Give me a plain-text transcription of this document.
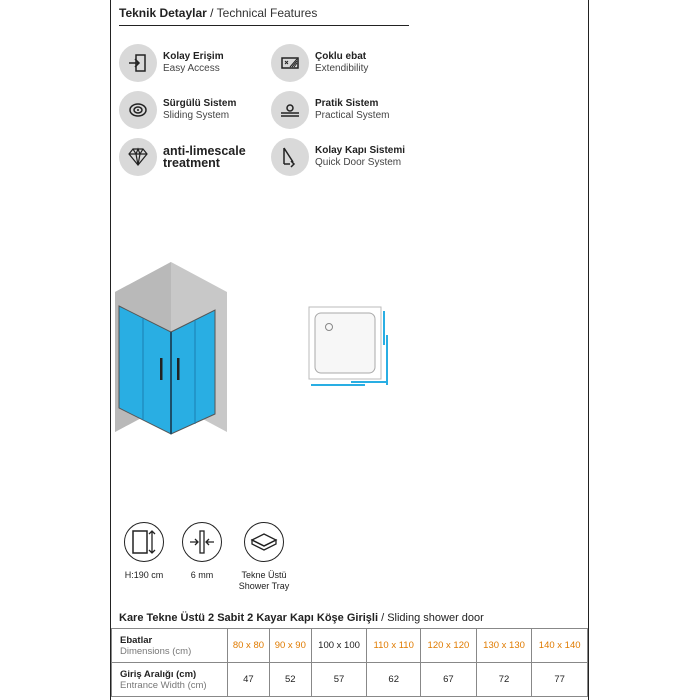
Teknik Detaylar / Technical Features
Kolay Erişim
Easy Access
Çoklu ebat
Extendibility
Sürgülü Sistem
Sliding System
Pratik Sistem
Practical System
anti-limescale
treatment
Kolay Kapı Sistemi
Quick Door System
H:190 cm	6 mm	Tekne Üstü
Shower Tray
Kare Tekne Üstü 2 Sabit 2 Kayar Kapı Köşe Girişli / Sliding shower door
Ebatlar
Dimensions (cm)	80 x 80	90 x 90	100 x 100	110 x 110	120 x 120	130 x 130	140 x 140

Giriş Aralığı (cm)
Entrance Width (cm)	47	52	57	62	67	72	77
